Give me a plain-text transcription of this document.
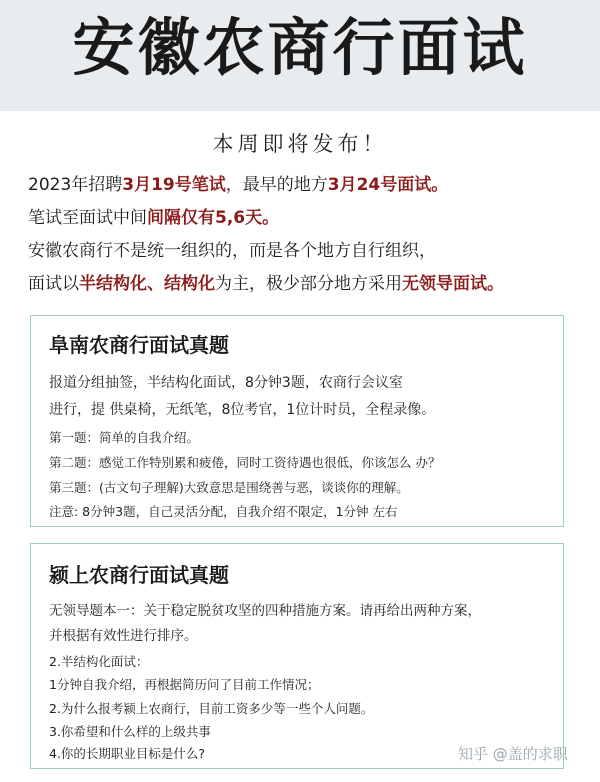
安徽农商行面试
本周即将发布！
2023年招聘3月19号笔试，最早的地方3月24号面试。
笔试至面试中间间隔仅有5,6天。
安徽农商行不是统一组织的，而是各个地方自行组织，
面试以半结构化、结构化为主，极少部分地方采用无领导面试。
阜南农商行面试真题
报道分组抽签，半结构化面试，8分钟3题，农商行会议室
进行，提 供桌椅，无纸笔，8位考官，1位计时员，全程录像。
第一题：简单的自我介绍。
第二题：感觉工作特别累和疲倦，同时工资待遇也很低，你该怎么 办？
第三题：(古文句子理解)大致意思是围绕善与恶，谈谈你的理解。
注意: 8分钟3题，自己灵活分配，自我介绍不限定，1分钟 左右
颍上农商行面试真题
无领导题本一：关于稳定脱贫攻坚的四种措施方案。请再给出两种方案，
并根据有效性进行排序。
2.半结构化面试：
1分钟自我介绍，再根据简历问了目前工作情况；
2.为什么报考颍上农商行，目前工资多少等一些个人问题。
3.你希望和什么样的上级共事
4.你的长期职业目标是什么?	知乎 @盖的求职
